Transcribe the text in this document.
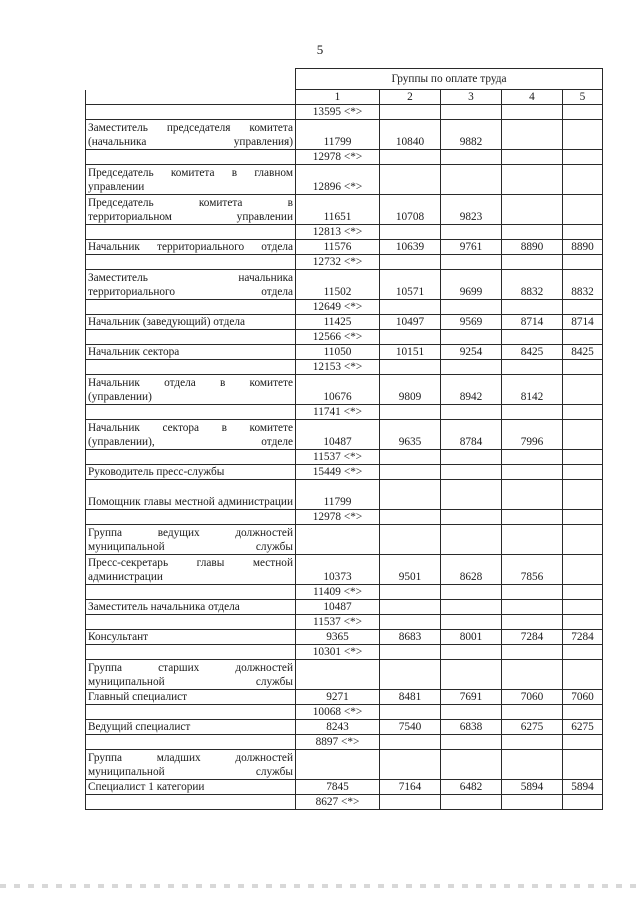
5
	Группы по оплате труда				
	1	2	3	4	5
	13595 <*>				
Заместитель председателя комитета (начальника управления)	11799	10840	9882		
	12978 <*>				
Председатель комитета в главном управлении	12896 <*>				
Председатель комитета в территориальном управлении	11651	10708	9823		
	12813 <*>				
Начальник территориального отдела	11576	10639	9761	8890	8890
	12732 <*>				
Заместитель начальника территориального отдела	11502	10571	9699	8832	8832
	12649 <*>				
Начальник (заведующий) отдела	11425	10497	9569	8714	8714
	12566 <*>				
Начальник сектора	11050	10151	9254	8425	8425
	12153 <*>				
Начальник отдела в комитете (управлении)	10676	9809	8942	8142	
	11741 <*>				
Начальник сектора в комитете (управлении), отделе	10487	9635	8784	7996	
	11537 <*>				
Руководитель пресс-службы	15449 <*>				
Помощник главы местной администрации	11799				
	12978 <*>				
Группа ведущих должностей муниципальной службы					
Пресс-секретарь главы местной администрации	10373	9501	8628	7856	
	11409 <*>				
Заместитель начальника отдела	10487				
	11537 <*>				
Консультант	9365	8683	8001	7284	7284
	10301 <*>				
Группа старших должностей муниципальной службы					
Главный специалист	9271	8481	7691	7060	7060
	10068 <*>				
Ведущий специалист	8243	7540	6838	6275	6275
	8897 <*>				
Группа младших должностей муниципальной службы					
Специалист 1 категории	7845	7164	6482	5894	5894
	8627 <*>				
